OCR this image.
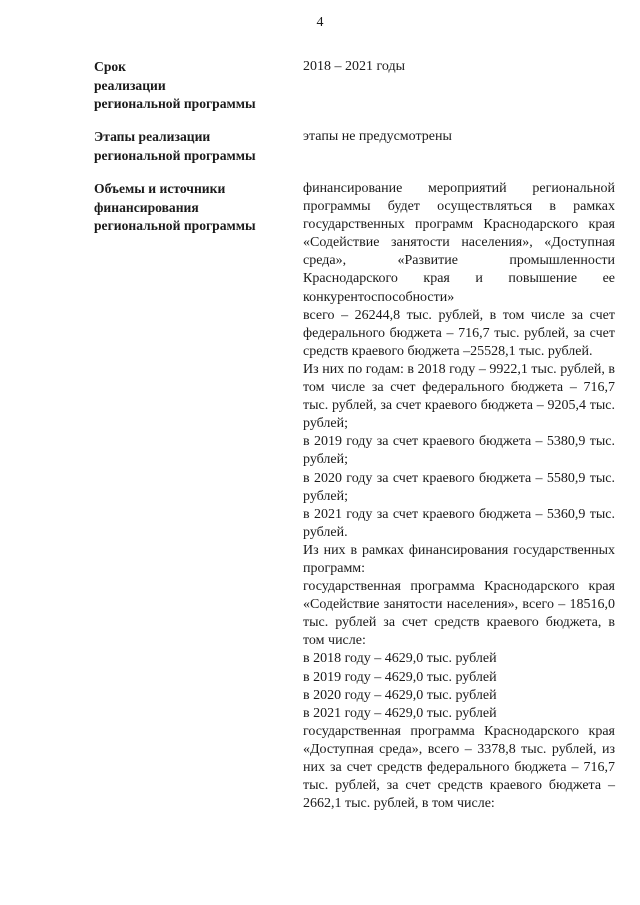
4
Срок
реализации
региональной программы
2018 – 2021 годы
Этапы реализации
региональной программы
этапы не предусмотрены
Объемы и источники
финансирования
региональной программы
финансирование мероприятий региональной программы будет осуществляться в рамках государственных программ Краснодарского края «Содействие занятости населения», «Доступная среда», «Развитие промышленности Краснодарского края и повышение ее конкурентоспособности»
всего – 26244,8 тыс. рублей, в том числе за счет федерального бюджета – 716,7 тыс. рублей, за счет средств краевого бюджета –25528,1 тыс. рублей.
Из них по годам: в 2018 году – 9922,1 тыс. рублей, в том числе за счет федерального бюджета – 716,7 тыс. рублей, за счет краевого бюджета – 9205,4 тыс. рублей;
в 2019 году за счет краевого бюджета – 5380,9 тыс. рублей;
в 2020 году за счет краевого бюджета – 5580,9 тыс. рублей;
в 2021 году за счет краевого бюджета – 5360,9 тыс. рублей.
Из них в рамках финансирования государственных программ:
государственная программа Краснодарского края «Содействие занятости населения», всего – 18516,0 тыс. рублей за счет средств краевого бюджета, в том числе:
в 2018 году – 4629,0 тыс. рублей
в 2019 году – 4629,0 тыс. рублей
в 2020 году – 4629,0 тыс. рублей
в 2021 году – 4629,0 тыс. рублей
государственная программа Краснодарского края «Доступная среда», всего – 3378,8 тыс. рублей, из них за счет средств федерального бюджета – 716,7 тыс. рублей, за счет средств краевого бюджета – 2662,1 тыс. рублей, в том числе:
